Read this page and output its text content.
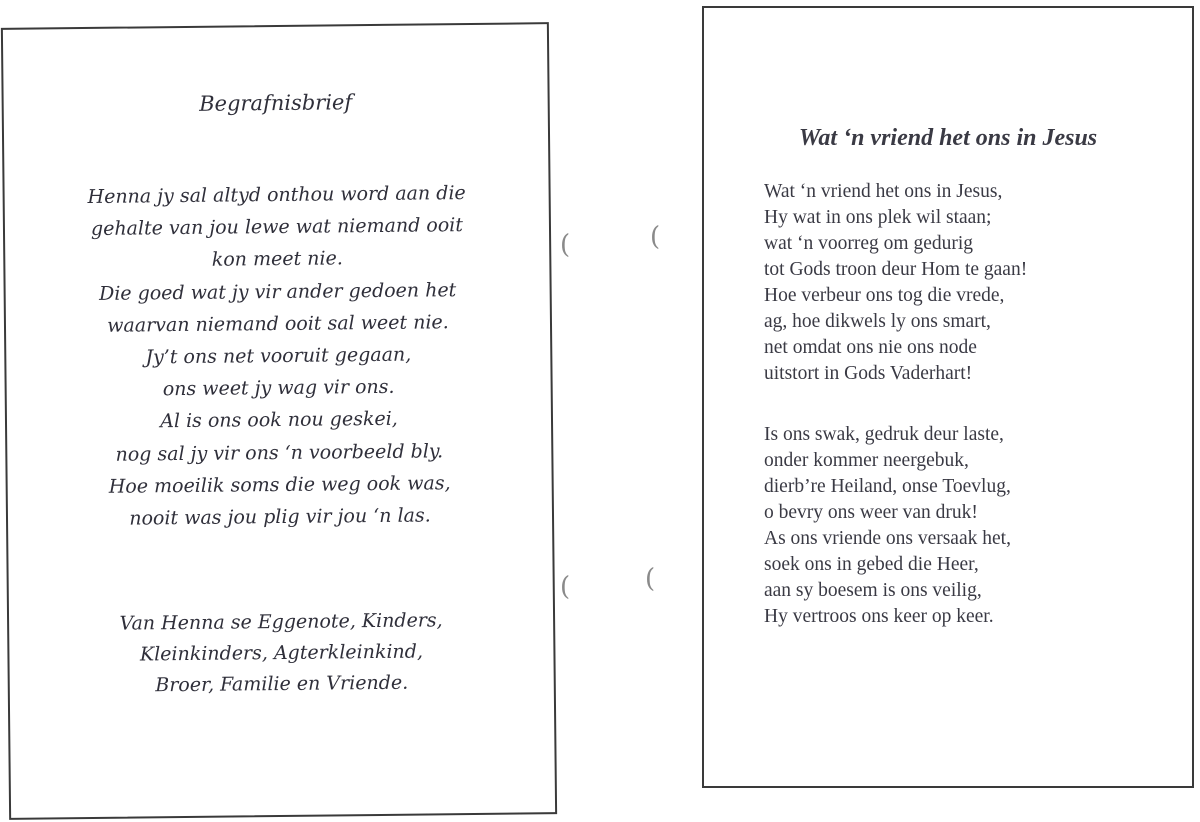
Begrafnisbrief
Henna jy sal altyd onthou word aan die
gehalte van jou lewe wat niemand ooit
kon meet nie.
Die goed wat jy vir ander gedoen het
waarvan niemand ooit sal weet nie.
Jy’t ons net vooruit gegaan,
ons weet jy wag vir ons.
Al is ons ook nou geskei,
nog sal jy vir ons ‘n voorbeeld bly.
Hoe moeilik soms die weg ook was,
nooit was jou plig vir jou ‘n las.
Van Henna se Eggenote, Kinders,
Kleinkinders, Agterkleinkind,
Broer, Familie en Vriende.
(	(
(	(
Wat ‘n vriend het ons in Jesus
Wat ‘n vriend het ons in Jesus,
Hy wat in ons plek wil staan;
wat ‘n voorreg om gedurig
tot Gods troon deur Hom te gaan!
Hoe verbeur ons tog die vrede,
ag, hoe dikwels ly ons smart,
net omdat ons nie ons node
uitstort in Gods Vaderhart!
Is ons swak, gedruk deur laste,
onder kommer neergebuk,
dierb’re Heiland, onse Toevlug,
o bevry ons weer van druk!
As ons vriende ons versaak het,
soek ons in gebed die Heer,
aan sy boesem is ons veilig,
Hy vertroos ons keer op keer.
